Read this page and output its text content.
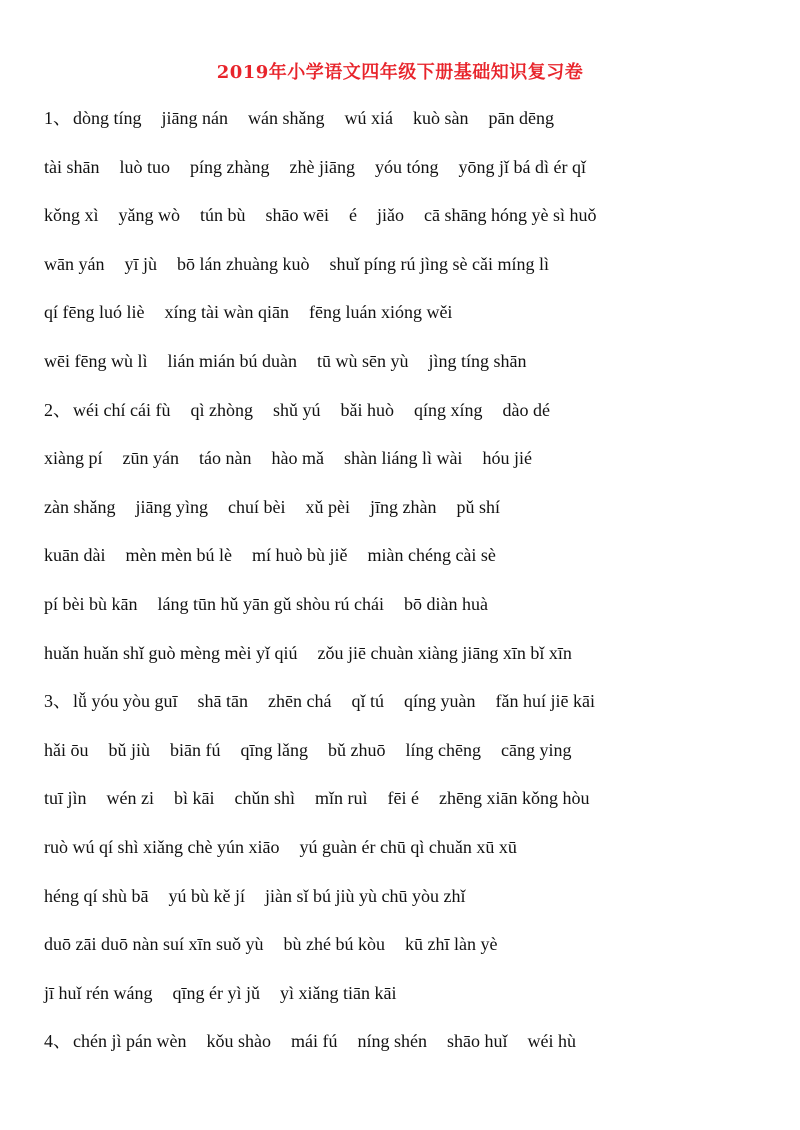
2019年小学语文四年级下册基础知识复习卷
1、 dòng tíng jiāng nán wán shǎng wú xiá kuò sàn pān dēng
tài shān luò tuo píng zhàng zhè jiāng yóu tóng yōng jǐ bá dì ér qǐ
kǒng xì yǎng wò tún bù shāo wēi é jiǎo cā shāng hóng yè sì huǒ
wān yán yī jù bō lán zhuàng kuò shuǐ píng rú jìng sè cǎi míng lì
qí fēng luó liè xíng tài wàn qiān fēng luán xióng wěi
wēi fēng wù lì lián mián bú duàn tū wù sēn yù jìng tíng shān
2、 wéi chí cái fù qì zhòng shǔ yú bǎi huò qíng xíng dào dé
xiàng pí zūn yán táo nàn hào mǎ shàn liáng lì wài hóu jié
zàn shǎng jiāng yìng chuí bèi xǔ pèi jīng zhàn pǔ shí
kuān dài mèn mèn bú lè mí huò bù jiě miàn chéng cài sè
pí bèi bù kān láng tūn hǔ yān gǔ shòu rú chái bō diàn huà
huǎn huǎn shǐ guò mèng mèi yǐ qiú zǒu jiē chuàn xiàng jiāng xīn bǐ xīn
3、 lǚ yóu yòu guī shā tān zhēn chá qǐ tú qíng yuàn fǎn huí jiē kāi
hǎi ōu bǔ jiù biān fú qīng lǎng bǔ zhuō líng chēng cāng ying
tuī jìn wén zi bì kāi chǔn shì mǐn ruì fēi é zhēng xiān kǒng hòu
ruò wú qí shì xiǎng chè yún xiāo yú guàn ér chū qì chuǎn xū xū
héng qí shù bā yú bù kě jí jiàn sǐ bú jiù yù chū yòu zhǐ
duō zāi duō nàn suí xīn suǒ yù bù zhé bú kòu kū zhī làn yè
jī huǐ rén wáng qīng ér yì jǔ yì xiǎng tiān kāi
4、 chén jì pán wèn kǒu shào mái fú níng shén shāo huǐ wéi hù
